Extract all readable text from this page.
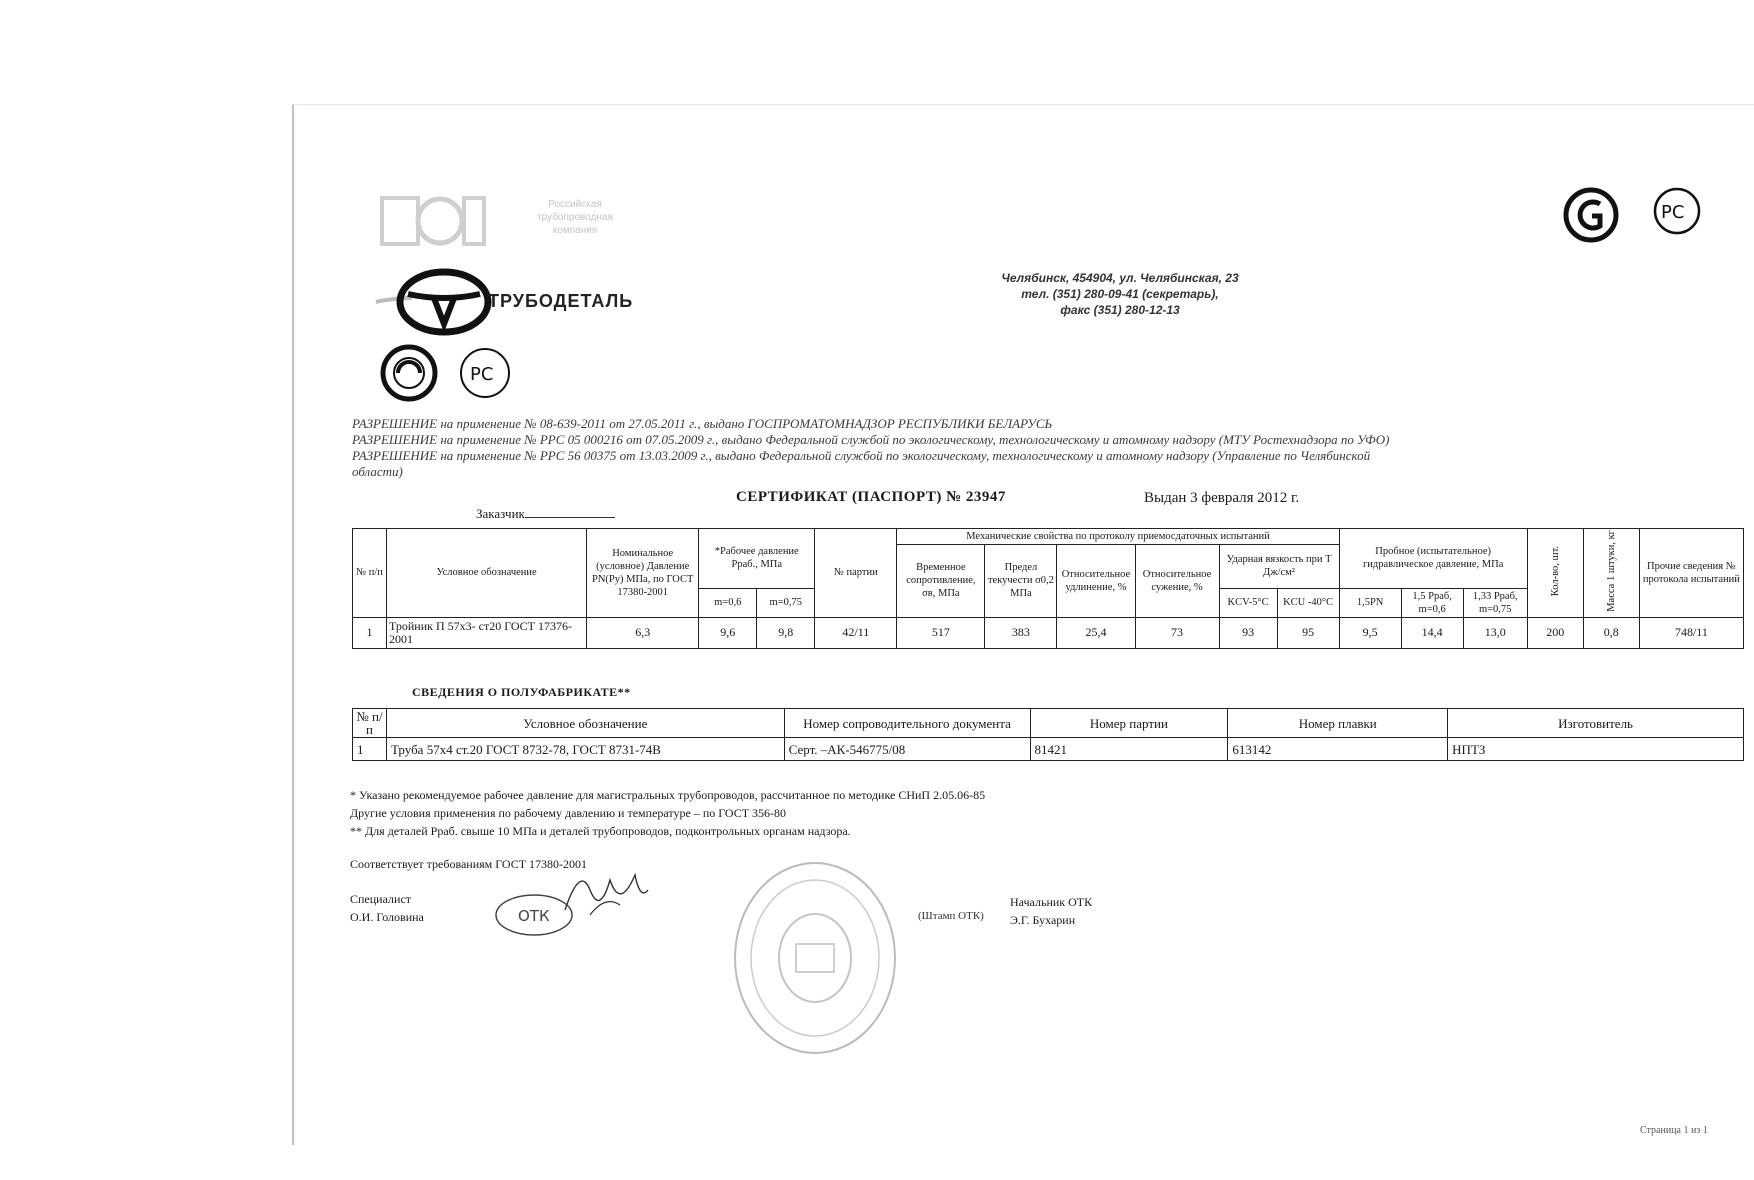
Российская
трубопроводная
компания
ТРУБОДЕТАЛЬ
РС
РС
Челябинск, 454904, ул. Челябинская, 23
тел. (351) 280-09-41 (секретарь),
факс (351) 280-12-13
РАЗРЕШЕНИЕ на применение № 08-639-2011 от 27.05.2011 г., выдано ГОСПРОМАТОМНАДЗОР РЕСПУБЛИКИ БЕЛАРУСЬ
РАЗРЕШЕНИЕ на применение № РРС 05 000216 от 07.05.2009 г., выдано Федеральной службой по экологическому, технологическому и атомному надзору (МТУ Ростехнадзора по УФО)
РАЗРЕШЕНИЕ на применение № РРС 56 00375 от 13.03.2009 г., выдано Федеральной службой по экологическому, технологическому и атомному надзору (Управление по Челябинской
области)
СЕРТИФИКАТ (ПАСПОРТ) № 23947	Выдан 3 февраля 2012 г.
Заказчик
№ п/п	Условное обозначение	Номинальное (условное) Давление PN(Py) МПа, по ГОСТ 17380-2001	*Рабочее давление Рраб., МПа		№ партии	Механические свойства по протоколу приемосдаточных испытаний						Пробное (испытательное) гидравлическое давление, МПа			Кол-во, шт.	Масса 1 штуки, кг	Прочие сведения № протокола испытаний
						Временное сопротивление, σв, МПа	Предел текучести σ0,2 МПа	Относительное удлинение, %	Относительное сужение, %	Ударная вязкость при Т Дж/см²							
			m=0,6	m=0,75						KCV-5°C	KCU -40°C	1,5PN	1,5 Рраб, m=0,6	1,33 Рраб, m=0,75			
1	Тройник П 57х3- ст20 ГОСТ 17376-2001	6,3	9,6	9,8	42/11	517	383	25,4	73	93	95	9,5	14,4	13,0	200	0,8	748/11
СВЕДЕНИЯ О ПОЛУФАБРИКАТЕ**
№ п/п	Условное обозначение	Номер сопроводительного документа	Номер партии	Номер плавки	Изготовитель
1	Труба 57х4 ст.20 ГОСТ 8732-78, ГОСТ 8731-74В	Серт. –АК-546775/08	81421	613142	НПТЗ
* Указано рекомендуемое рабочее давление для магистральных трубопроводов, рассчитанное по методике СНиП 2.05.06-85
Другие условия применения по рабочему давлению и температуре – по ГОСТ 356-80
** Для деталей Рраб. свыше 10 МПа и деталей трубопроводов, подконтрольных органам надзора.
Соответствует требованиям ГОСТ 17380-2001
Специалист
О.И. Головина	ОТК	(Штамп ОТК)
Начальник ОТК
Э.Г. Бухарин
Страница 1 из 1
